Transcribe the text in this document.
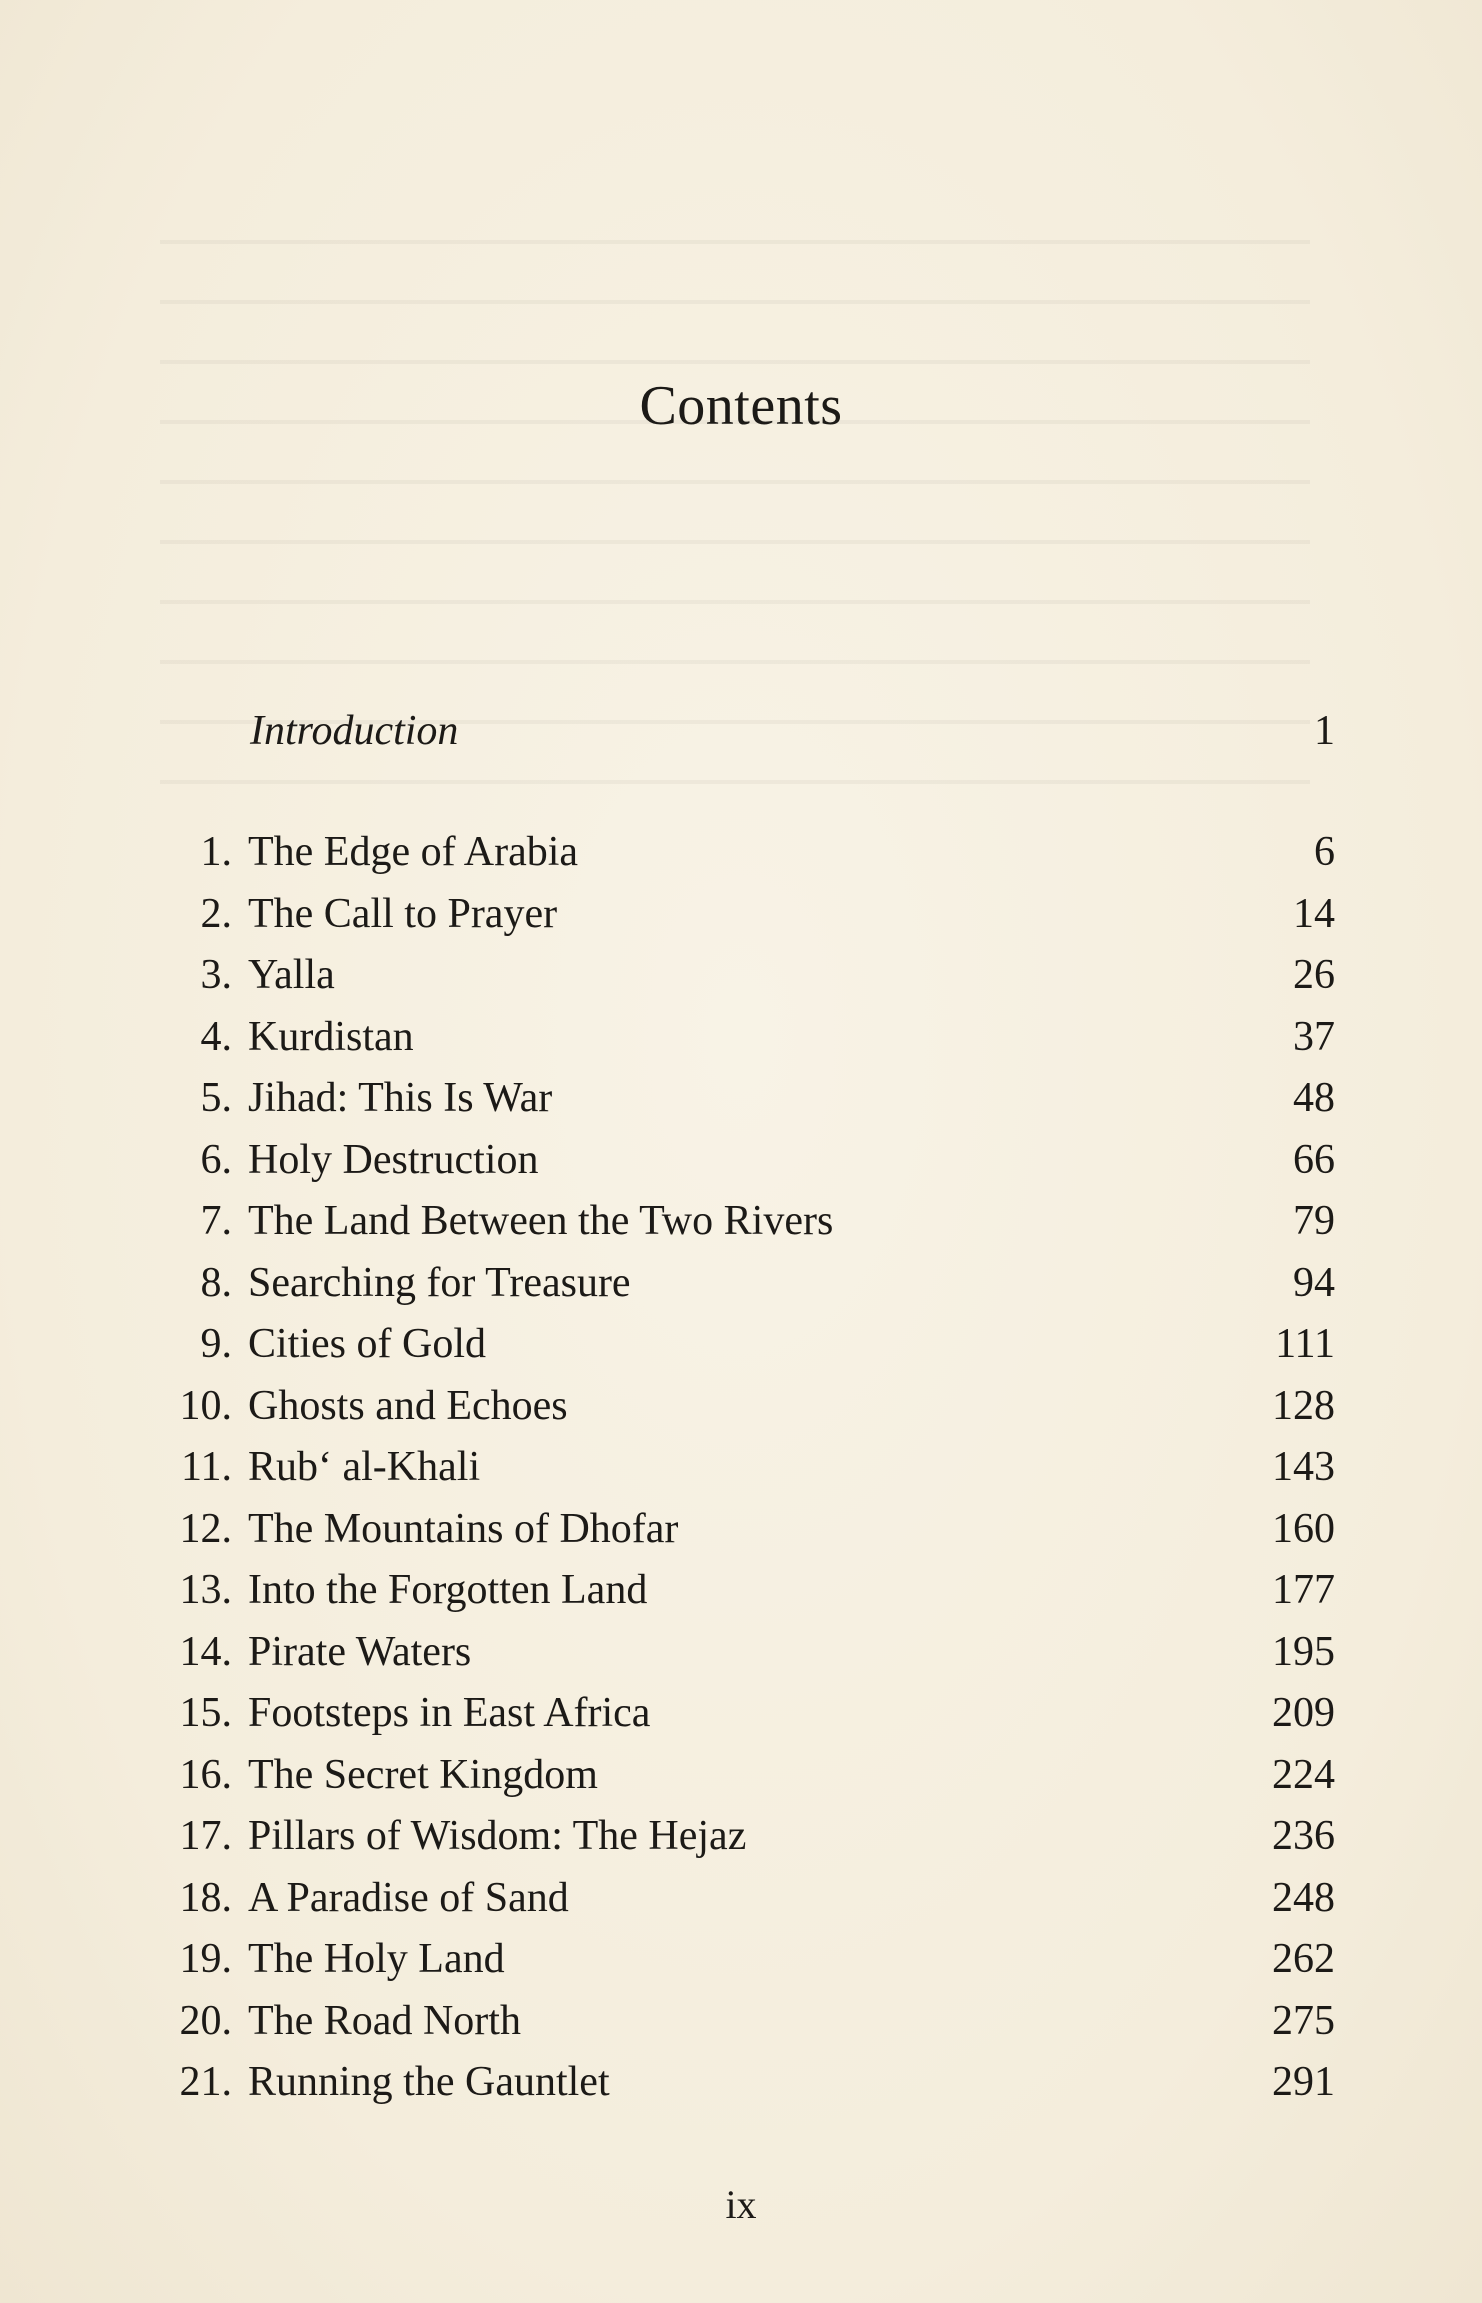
Contents
Introduction	1
1. The Edge of Arabia	6
2. The Call to Prayer	14
3. Yalla	26
4. Kurdistan	37
5. Jihad: This Is War	48
6. Holy Destruction	66
7. The Land Between the Two Rivers	79
8. Searching for Treasure	94
9. Cities of Gold	111
10. Ghosts and Echoes	128
11. Rub‘ al-Khali	143
12. The Mountains of Dhofar	160
13. Into the Forgotten Land	177
14. Pirate Waters	195
15. Footsteps in East Africa	209
16. The Secret Kingdom	224
17. Pillars of Wisdom: The Hejaz	236
18. A Paradise of Sand	248
19. The Holy Land	262
20. The Road North	275
21. Running the Gauntlet	291
ix
